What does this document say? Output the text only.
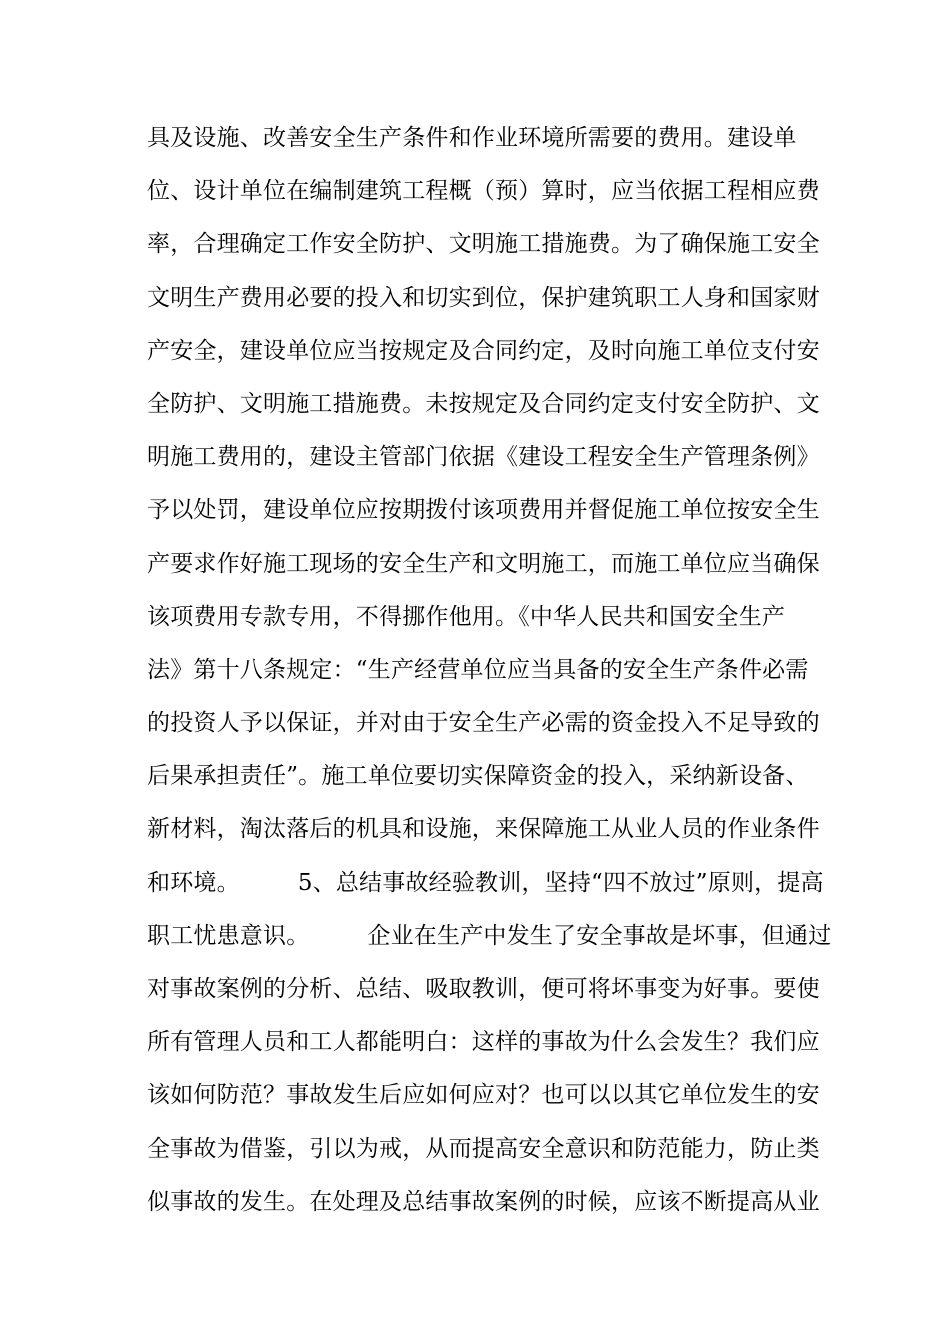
具及设施、改善安全生产条件和作业环境所需要的费用。建设单
位、设计单位在编制建筑工程概（预）算时，应当依据工程相应费
率，合理确定工作安全防护、文明施工措施费。为了确保施工安全
文明生产费用必要的投入和切实到位，保护建筑职工人身和国家财
产安全，建设单位应当按规定及合同约定，及时向施工单位支付安
全防护、文明施工措施费。未按规定及合同约定支付安全防护、文
明施工费用的，建设主管部门依据《建设工程安全生产管理条例》
予以处罚，建设单位应按期拨付该项费用并督促施工单位按安全生
产要求作好施工现场的安全生产和文明施工，而施工单位应当确保
该项费用专款专用，不得挪作他用。《中华人民共和国安全生产
法》第十八条规定：“生产经营单位应当具备的安全生产条件必需
的投资人予以保证，并对由于安全生产必需的资金投入不足导致的
后果承担责任”。施工单位要切实保障资金的投入，采纳新设备、
新材料，淘汰落后的机具和设施，来保障施工从业人员的作业条件
和环境。	5、总结事故经验教训，坚持“四不放过”原则，提高
职工忧患意识。	企业在生产中发生了安全事故是坏事，但通过
对事故案例的分析、总结、吸取教训，便可将坏事变为好事。要使
所有管理人员和工人都能明白：这样的事故为什么会发生？我们应
该如何防范？事故发生后应如何应对？也可以以其它单位发生的安
全事故为借鉴，引以为戒，从而提高安全意识和防范能力，防止类
似事故的发生。在处理及总结事故案例的时候，应该不断提高从业
